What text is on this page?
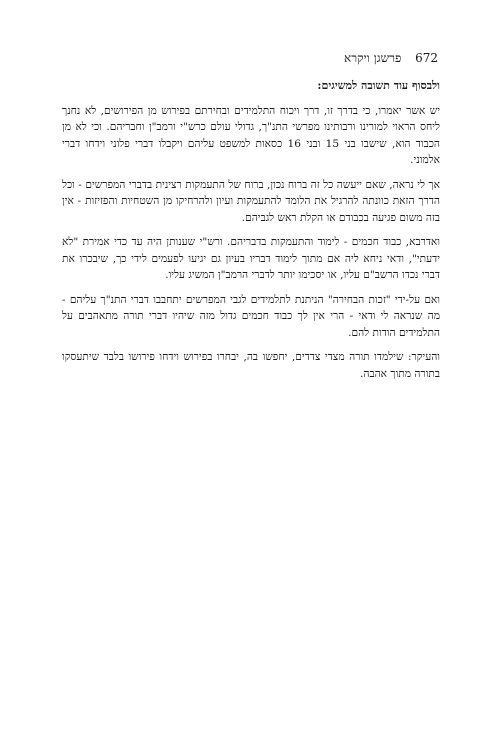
672 פרשגן ויקרא
ולבסוף עוד תשובה למשיגים:

יש אשר יאמרו, כי בדרך זו, דרך ויכוח התלמידים ובחירתם בפירוש מן הפירושים, לא נחנך ליחס הראוי למורינו ורבותינו מפרשי התנ"ך, גדולי עולם כרש"י ורמב"ן וחבריהם. וכי לא מן הכבוד הוא, שישבו בני 15 ובני 16 כסאות למשפט עליהם ויקבלו דברי פלוני וידחו דברי אלמוני.

אך לי נראה, שאם ייעשה כל זה ברוח נכון, ברוח של התעמקות רצינית בדברי המפרשים - וכל הדרך הזאת כוונתה להרגיל את הלומד להתעמקות ועיון ולהרחיקו מן השטחיות והפזיזות - אין בזה משום פגיעה בכבודם או הקלת ראש לגביהם.

ואדרבא, כבוד חכמים - לימוד והתעמקות בדבריהם. ורש"י שענותן היה עד כדי אמירת "לא ידעתי", ודאי ניחא ליה אם מתוך לימוד דבריו בעיון גם יגיעו לפעמים לידי כך, שיבכרו את דברי נכדו הרשב"ם עליו, או יסכימו יותר לדברי הרמב"ן המשיג עליו.

ואם על-ידי "זכות הבחירה" הניתנת לתלמידים לגבי המפרשים יתחבבו דברי התנ"ך עליהם - מה שנראה לי ודאי - הרי אין לך כבוד חכמים גדול מזה שיהיו דברי תורה מתאהבים על התלמידים הודות להם.

והעיקר: שילמדו תורה מצדי צדדים, יחפשו בה, יבחרו בפירוש וידחו פירושו בלבד שיתעסקו בתורה מתוך אהבה.
